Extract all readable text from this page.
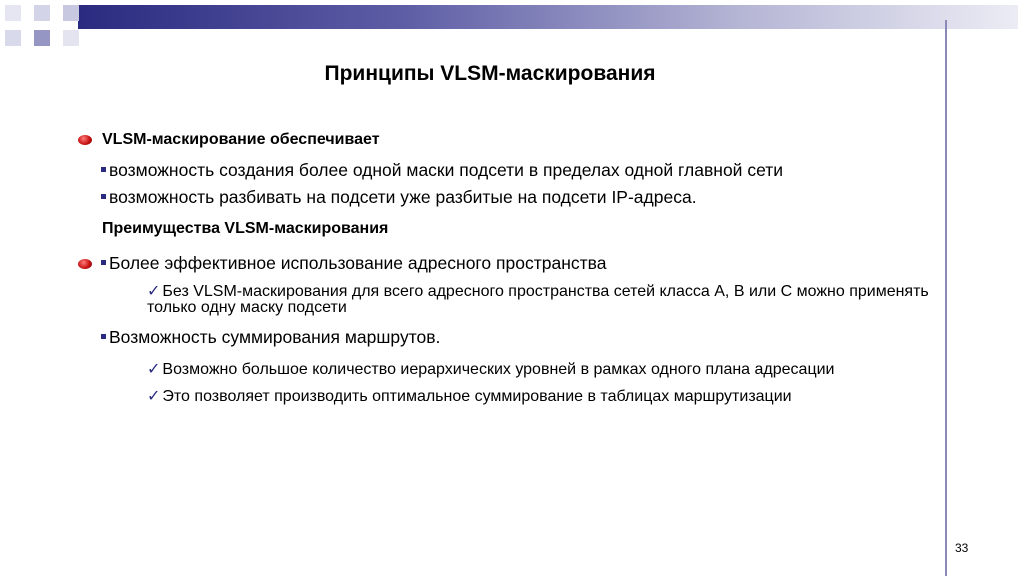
Принципы VLSM-маскирования
VLSM-маскирование обеспечивает
возможность создания более одной маски подсети в пределах одной главной сети
возможность разбивать на подсети уже разбитые на подсети IP-адреса.
Преимущества VLSM-маскирования
Более эффективное использование адресного пространства
✓ Без VLSM-маскирования для всего адресного пространства сетей класса А, В или С можно применять только одну маску подсети
Возможность суммирования маршрутов.
✓ Возможно большое количество иерархических уровней в рамках одного плана адресации
✓ Это позволяет производить оптимальное суммирование в таблицах маршрутизации
33
